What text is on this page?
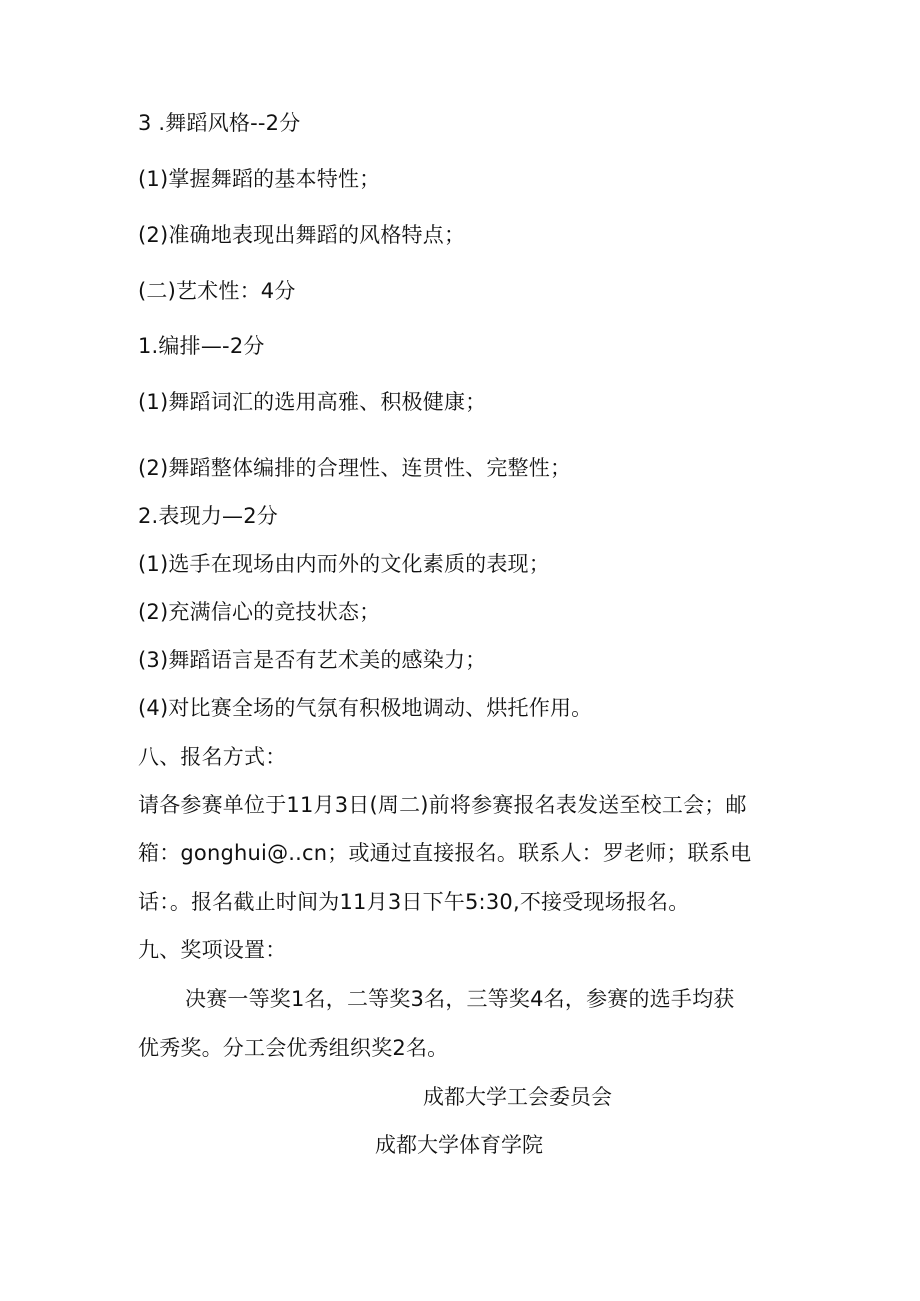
3 .舞蹈风格--2分
(1)掌握舞蹈的基本特性；
(2)准确地表现出舞蹈的风格特点；
(二)艺术性：4分
1.编排—-2分
(1)舞蹈词汇的选用高雅、积极健康；
(2)舞蹈整体编排的合理性、连贯性、完整性；
2.表现力—2分
(1)选手在现场由内而外的文化素质的表现；
(2)充满信心的竞技状态；
(3)舞蹈语言是否有艺术美的感染力；
(4)对比赛全场的气氛有积极地调动、烘托作用。
八、报名方式：
请各参赛单位于11月3日(周二)前将参赛报名表发送至校工会；邮
箱：gonghui@..cn；或通过直接报名。联系人：罗老师；联系电
话：。报名截止时间为11月3日下午5:30,不接受现场报名。
九、奖项设置：
决赛一等奖1名，二等奖3名，三等奖4名，参赛的选手均获
优秀奖。分工会优秀组织奖2名。
成都大学工会委员会
成都大学体育学院
